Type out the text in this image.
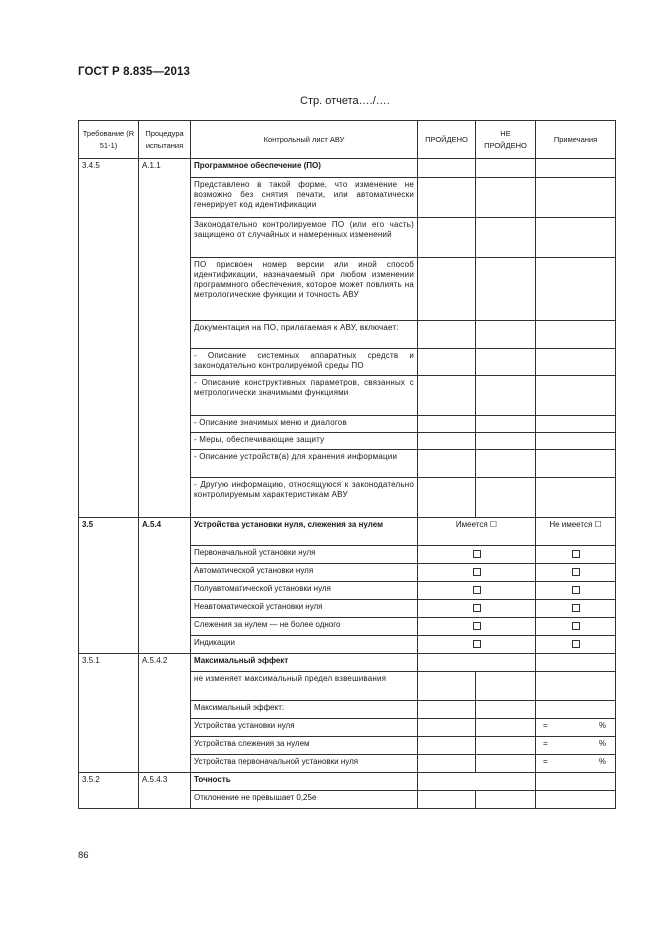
ГОСТ Р 8.835—2013
Стр. отчета…./….
Требование (R 51-1)	Процедура испытания	Контрольный лист АВУ	ПРОЙДЕНО	НЕ ПРОЙДЕНО	Примечания
3.4.5	А.1.1	Программное обеспечение (ПО)			
		Представлено в такой форме, что изменение не возможно без снятия печати, или автоматически генерирует код идентификации			
		Законодательно контролируемое ПО (или его часть) защищено от случайных и намеренных изменений			
		ПО присвоен номер версии или иной способ идентификации, назначаемый при любом изменении программного обеспечения, которое может повлиять на метрологические функции и точность АВУ			
		Документация на ПО, прилагаемая к АВУ, включает:			
		- Описание системных аппаратных средств и законодательно контролируемой среды ПО			
		- Описание конструктивных параметров, связанных с метрологически значимыми функциями			
		- Описание значимых меню и диалогов			
		- Меры, обеспечивающие защиту			
		- Описание устройств(а) для хранения информации			
		- Другую информацию, относящуюся к законодательно контролируемым характеристикам АВУ			
3.5	А.5.4	Устройства установки нуля, слежения за нулем	Имеется ☐		Не имеется ☐
		Первоначальной установки нуля			
		Автоматической установки нуля			
		Полуавтоматической установки нуля			
		Неавтоматической установки нуля			
		Слежения за нулем — не более одного			
		Индикации			
3.5.1	А.5.4.2	Максимальный эффект			
		не изменяет максимальный предел взвешивания			
		Максимальный эффект:			
		Устройства установки нуля			= %

		Устройства слежения за нулем			= %

		Устройства первоначальной установки нуля			= %

3.5.2	А.5.4.3	Точность			
		Отклонение не превышает 0,25е			
86
